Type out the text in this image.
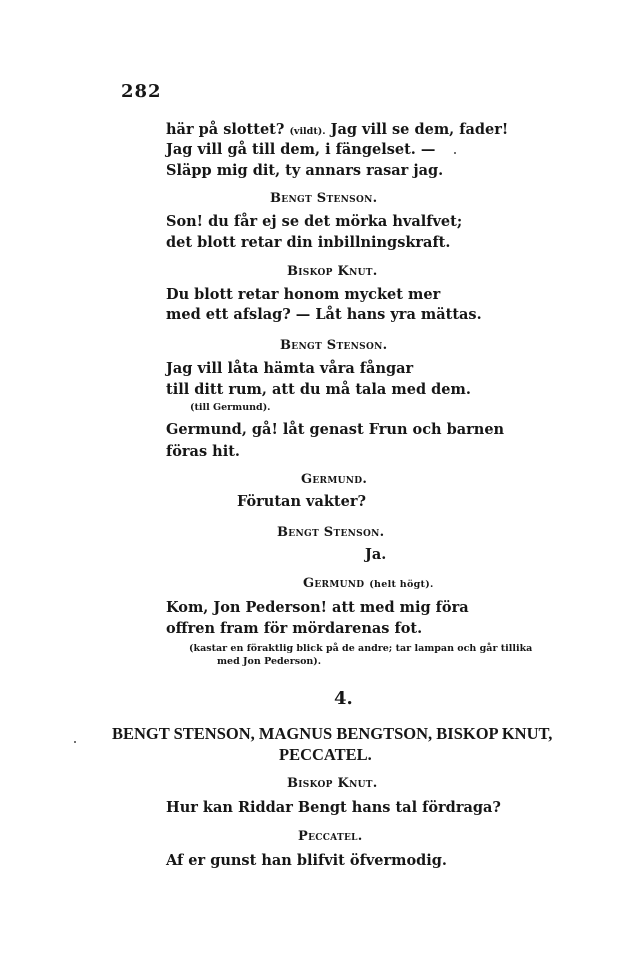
282
här på slottet? (vildt). Jag vill se dem, fader!
Jag vill gå till dem, i fängelset. —
Släpp mig dit, ty annars rasar jag.
Bengt Stenson.
Son! du får ej se det mörka hvalfvet;
det blott retar din inbillningskraft.
Biskop Knut.
Du blott retar honom mycket mer
med ett afslag? — Låt hans yra mättas.
Bengt Stenson.
Jag vill låta hämta våra fångar
till ditt rum, att du må tala med dem.
(till Germund).
Germund, gå! låt genast Frun och barnen
föras hit.
Germund.
Förutan vakter?
Bengt Stenson.
Ja.
Germund (helt högt).
Kom, Jon Pederson! att med mig föra
offren fram för mördarenas fot.
(kastar en föraktlig blick på de andre; tar lampan och går tillika
med Jon Pederson).
4.
BENGT STENSON, MAGNUS BENGTSON, BISKOP KNUT,
PECCATEL.
Biskop Knut.
Hur kan Riddar Bengt hans tal fördraga?
Peccatel.
Af er gunst han blifvit öfvermodig.
